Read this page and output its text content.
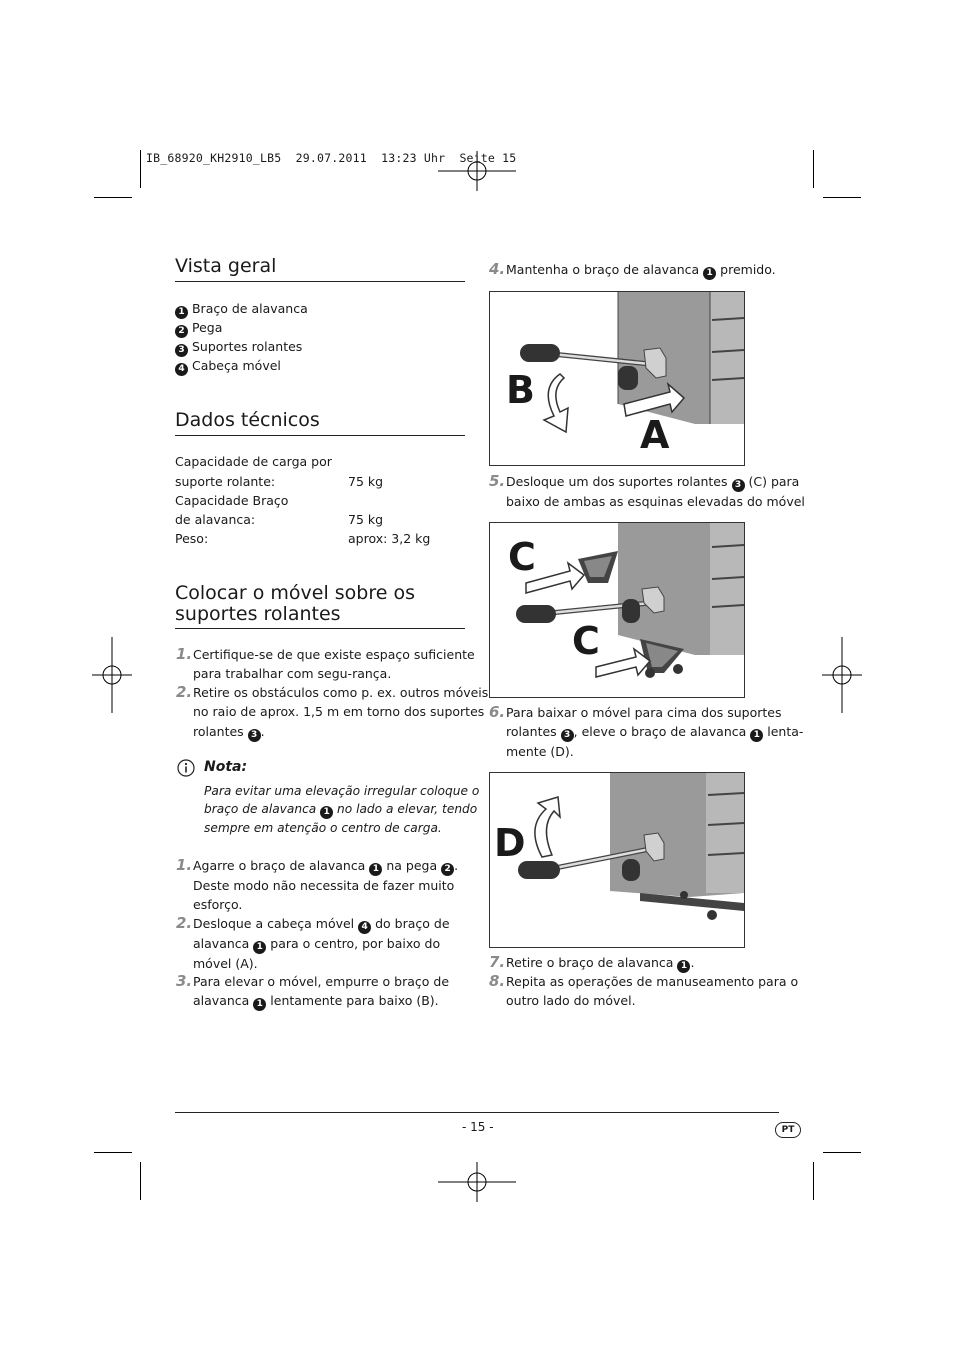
IB_68920_KH2910_LB5  29.07.2011  13:23 Uhr  Seite 15
Vista geral
1 Braço de alavanca
2 Pega
3 Suportes rolantes
4 Cabeça móvel
Dados técnicos
Capacidade de carga por
suporte rolante:	75 kg
Capacidade Braço
de alavanca:	75 kg
Peso:	aprox: 3,2 kg
Colocar o móvel sobre os
suportes rolantes
1. Certifique-se de que existe espaço suficiente
para trabalhar com segu-rança.
2. Retire os obstáculos como p. ex. outros móveis
no raio de aprox. 1,5 m em torno dos suportes
rolantes 3 .
Nota:
Para evitar uma elevação irregular coloque o
braço de alavanca 1 no lado a elevar, tendo
sempre em atenção o centro de carga.
1. Agarre o braço de alavanca 1 na pega 2 .
Deste modo não necessita de fazer muito
esforço.
2. Desloque a cabeça móvel 4 do braço de
alavanca 1 para o centro, por baixo do
móvel (A).
3. Para elevar o móvel, empurre o braço de
alavanca 1 lentamente para baixo (B).
4. Mantenha o braço de alavanca 1 premido.
B
A
5. Desloque um dos suportes rolantes 3 (C) para
baixo de ambas as esquinas elevadas do móvel
C
C
6. Para baixar o móvel para cima dos suportes
rolantes 3 , eleve o braço de alavanca 1 lenta-
mente (D).
D
7. Retire o braço de alavanca 1 .
8. Repita as operações de manuseamento para o
outro lado do móvel.
- 15 -	PT
